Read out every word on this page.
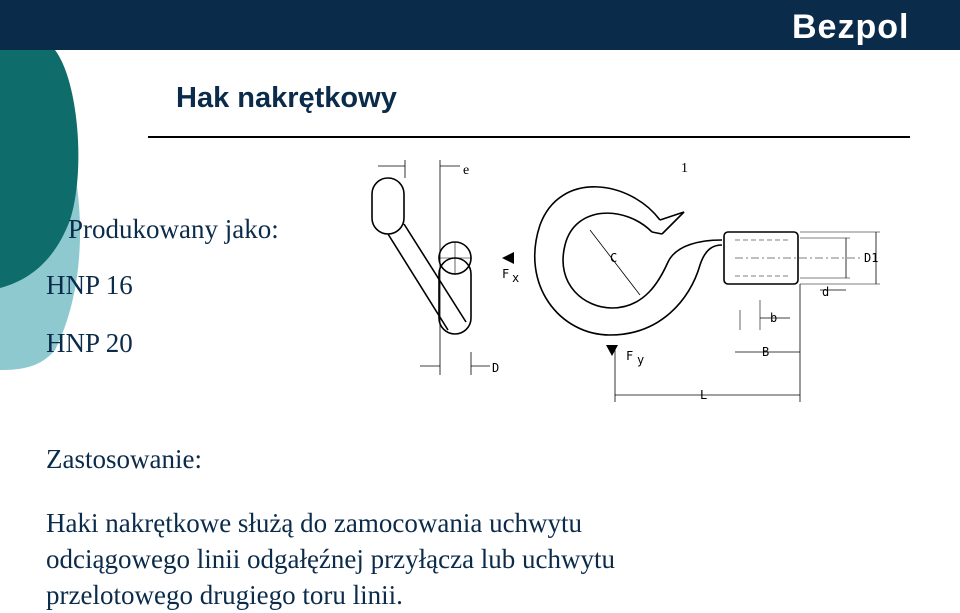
Bezpol
Hak nakrętkowy
Produkowany jako:
HNP 16
HNP 20
Zastosowanie:
Haki nakrętkowe służą do zamocowania uchwytu
odciągowego linii odgałęźnej przyłącza lub uchwytu
przelotowego drugiego toru linii.
e	1
C
F x
F y
D
D1
d
b
B
L
